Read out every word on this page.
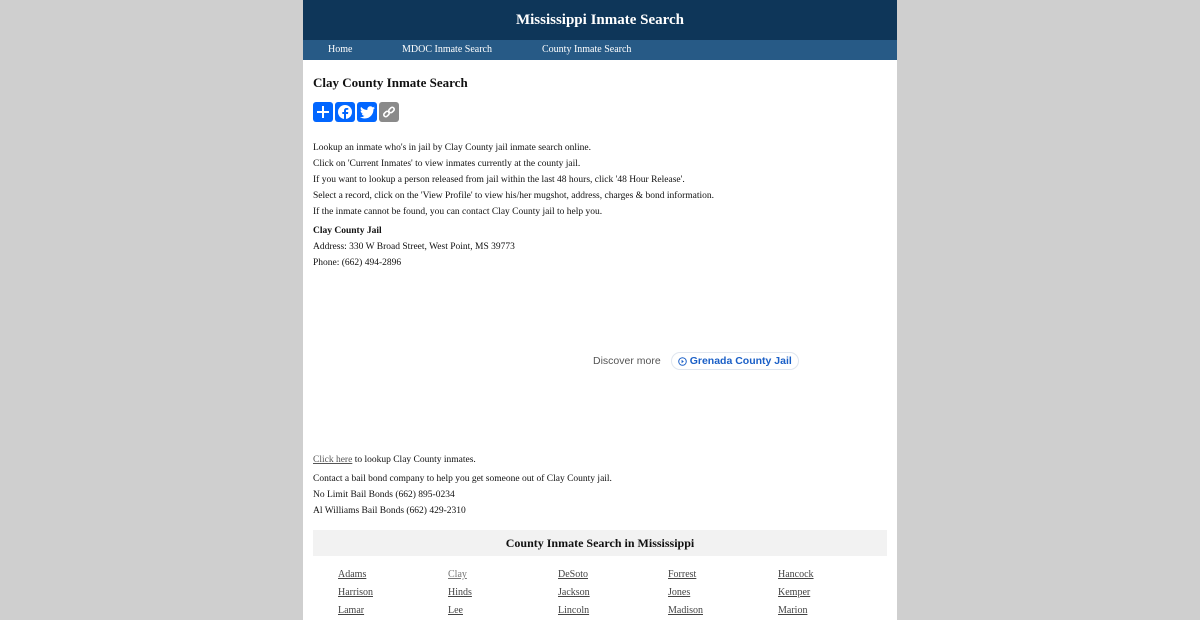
Mississippi Inmate Search
Home	MDOC Inmate Search	County Inmate Search
Clay County Inmate Search
Lookup an inmate who's in jail by Clay County jail inmate search online.
Click on 'Current Inmates' to view inmates currently at the county jail.
If you want to lookup a person released from jail within the last 48 hours, click '48 Hour Release'.
Select a record, click on the 'View Profile' to view his/her mugshot, address, charges & bond information.
If the inmate cannot be found, you can contact Clay County jail to help you.
Clay County Jail
Address: 330 W Broad Street, West Point, MS 39773
Phone: (662) 494-2896
Discover more	Grenada County Jail
Click here to lookup Clay County inmates.
Contact a bail bond company to help you get someone out of Clay County jail.
No Limit Bail Bonds (662) 895-0234
Al Williams Bail Bonds (662) 429-2310
County Inmate Search in Mississippi
Adams	Clay	DeSoto	Forrest	Hancock
Harrison	Hinds	Jackson	Jones	Kemper
Lamar	Lee	Lincoln	Madison	Marion
